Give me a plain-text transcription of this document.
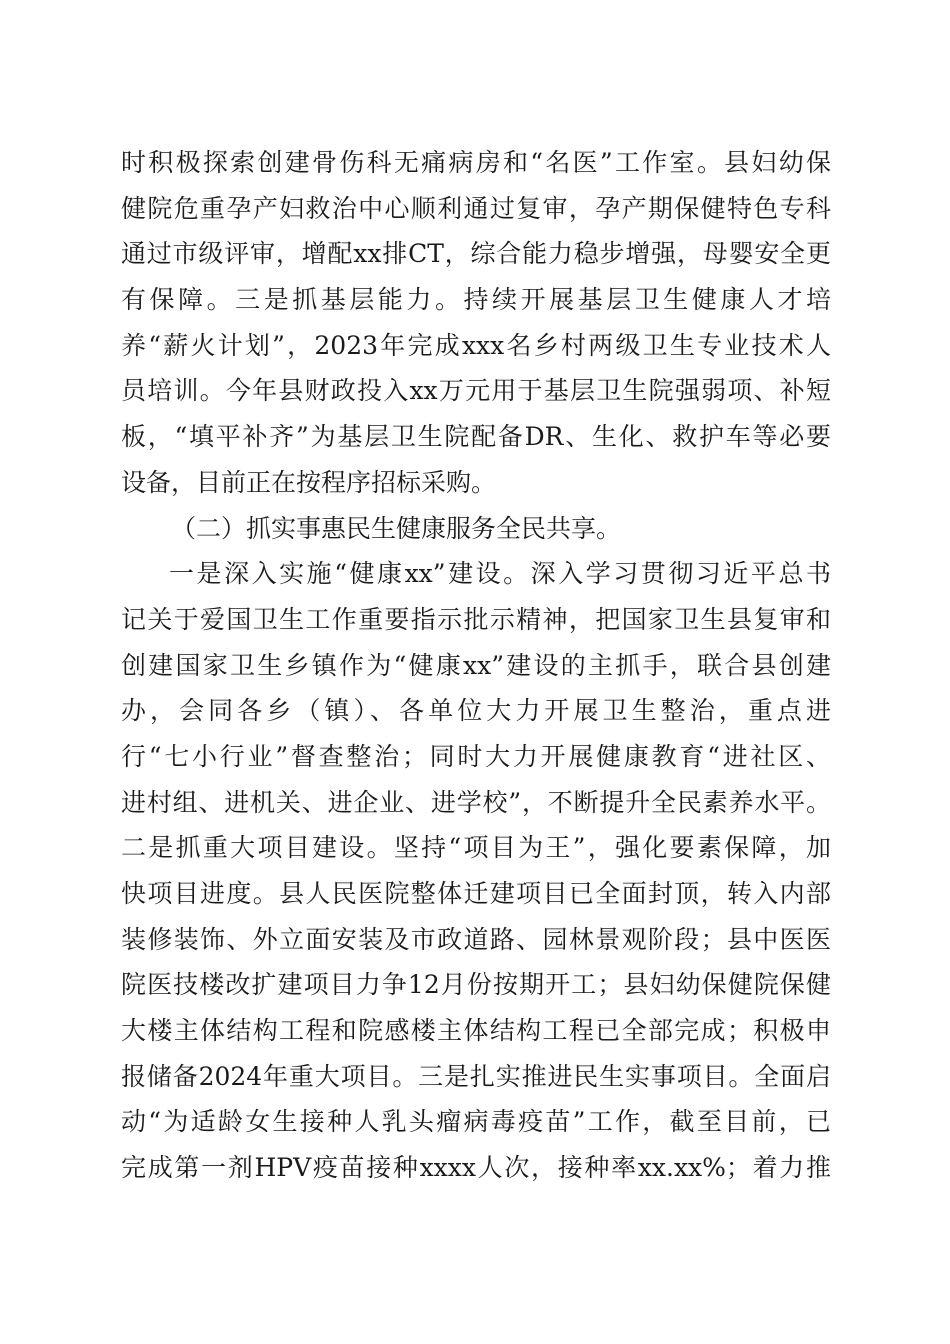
时积极探索创建骨伤科无痛病房和“名医”工作室。县妇幼保
健院危重孕产妇救治中心顺利通过复审，孕产期保健特色专科
通过市级评审，增配xx排CT，综合能力稳步增强，母婴安全更
有保障。三是抓基层能力。持续开展基层卫生健康人才培
养“薪火计划”，2023年完成xxx名乡村两级卫生专业技术人
员培训。今年县财政投入xx万元用于基层卫生院强弱项、补短
板，“填平补齐”为基层卫生院配备DR、生化、救护车等必要
设备，目前正在按程序招标采购。
（二）抓实事惠民生健康服务全民共享。
一是深入实施“健康xx”建设。深入学习贯彻习近平总书
记关于爱国卫生工作重要指示批示精神，把国家卫生县复审和
创建国家卫生乡镇作为“健康xx”建设的主抓手，联合县创建
办，会同各乡（镇）、各单位大力开展卫生整治，重点进
行“七小行业”督查整治；同时大力开展健康教育“进社区、
进村组、进机关、进企业、进学校”，不断提升全民素养水平。
二是抓重大项目建设。坚持“项目为王”，强化要素保障，加
快项目进度。县人民医院整体迁建项目已全面封顶，转入内部
装修装饰、外立面安装及市政道路、园林景观阶段；县中医医
院医技楼改扩建项目力争12月份按期开工；县妇幼保健院保健
大楼主体结构工程和院感楼主体结构工程已全部完成；积极申
报储备2024年重大项目。三是扎实推进民生实事项目。全面启
动“为适龄女生接种人乳头瘤病毒疫苗”工作，截至目前，已
完成第一剂HPV疫苗接种xxxx人次，接种率xx.xx%；着力推
